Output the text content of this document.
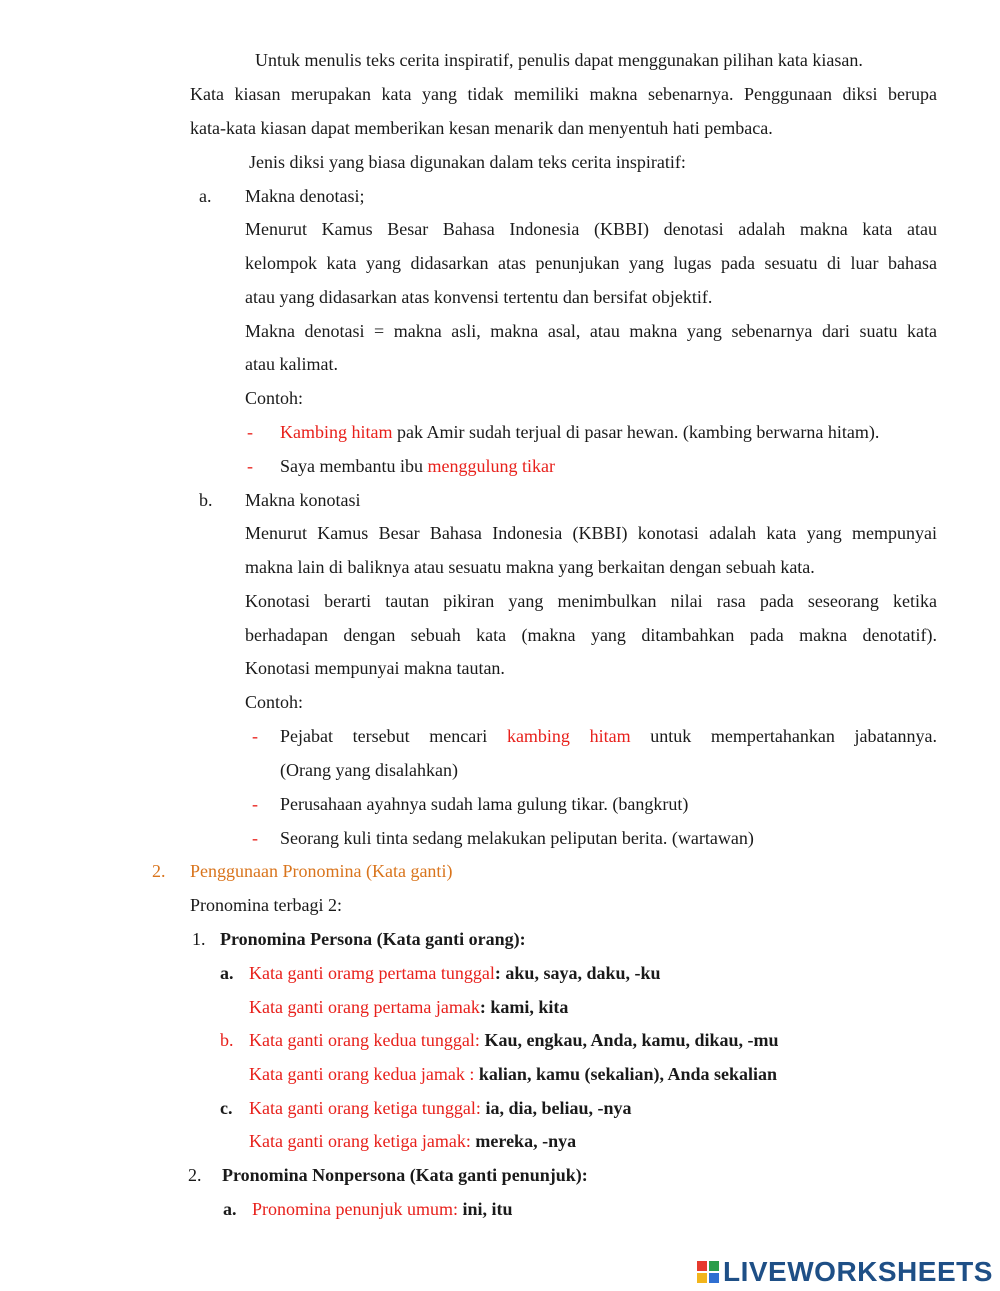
Untuk menulis teks cerita inspiratif, penulis dapat menggunakan pilihan kata kiasan.
Kata kiasan merupakan kata yang tidak memiliki makna sebenarnya. Penggunaan diksi berupa
kata-kata kiasan dapat memberikan kesan menarik dan menyentuh hati pembaca.
Jenis diksi yang biasa digunakan dalam teks cerita inspiratif:
a. Makna denotasi;
Menurut Kamus Besar Bahasa Indonesia (KBBI) denotasi adalah makna kata atau
kelompok kata yang didasarkan atas penunjukan yang lugas pada sesuatu di luar bahasa
atau yang didasarkan atas konvensi tertentu dan bersifat objektif.
Makna denotasi = makna asli, makna asal, atau makna yang sebenarnya dari suatu kata
atau kalimat.
Contoh:
- Kambing hitam pak Amir sudah terjual di pasar hewan. (kambing berwarna hitam).
- Saya membantu ibu menggulung tikar
b. Makna konotasi
Menurut Kamus Besar Bahasa Indonesia (KBBI) konotasi adalah kata yang mempunyai
makna lain di baliknya atau sesuatu makna yang berkaitan dengan sebuah kata.
Konotasi berarti tautan pikiran yang menimbulkan nilai rasa pada seseorang ketika
berhadapan dengan sebuah kata (makna yang ditambahkan pada makna denotatif).
Konotasi mempunyai makna tautan.
Contoh:
- Pejabat tersebut mencari kambing hitam untuk mempertahankan jabatannya.
(Orang yang disalahkan)
- Perusahaan ayahnya sudah lama gulung tikar. (bangkrut)
- Seorang kuli tinta sedang melakukan peliputan berita. (wartawan)
2. Penggunaan Pronomina (Kata ganti)
Pronomina terbagi 2:
1. Pronomina Persona (Kata ganti orang):
a. Kata ganti oramg pertama tunggal: aku, saya, daku, -ku
Kata ganti orang pertama jamak: kami, kita
b. Kata ganti orang kedua tunggal: Kau, engkau, Anda, kamu, dikau, -mu
Kata ganti orang kedua jamak : kalian, kamu (sekalian), Anda sekalian
c. Kata ganti orang ketiga tunggal: ia, dia, beliau, -nya
Kata ganti orang ketiga jamak: mereka, -nya
2. Pronomina Nonpersona (Kata ganti penunjuk):
a. Pronomina penunjuk umum: ini, itu
LIVEWORKSHEETS
